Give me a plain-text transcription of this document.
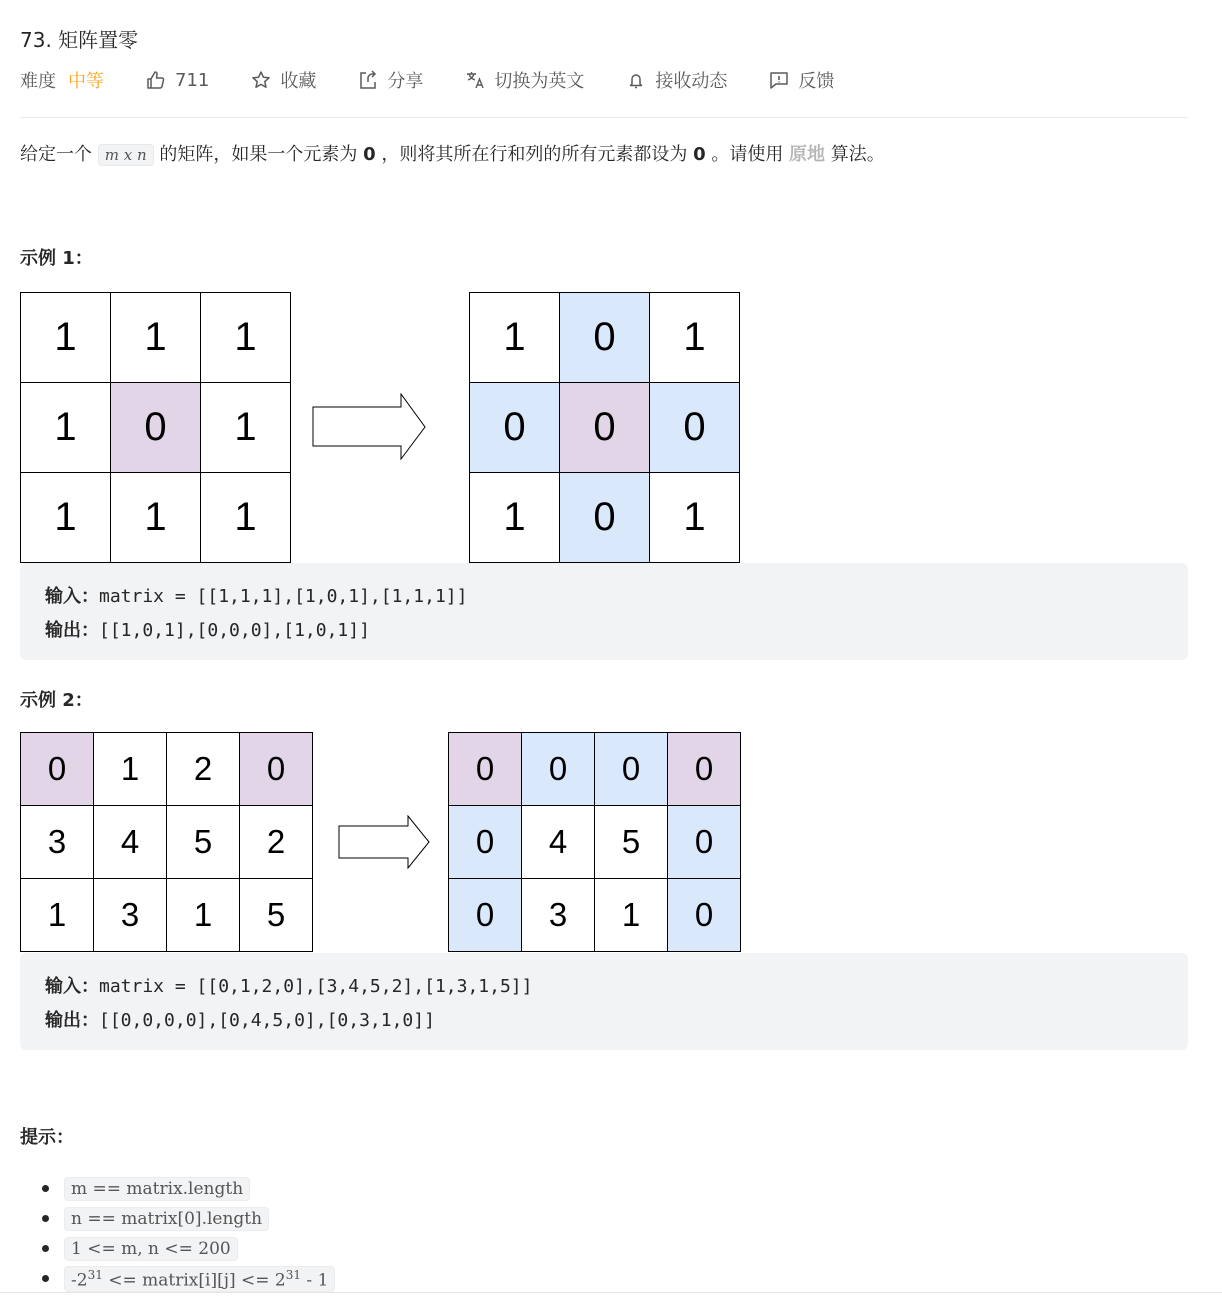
73. 矩阵置零
难度 中等	711	收藏	分享	切换为英文	接收动态	反馈
给定一个 m x n 的矩阵，如果一个元素为 0 ，则将其所在行和列的所有元素都设为 0 。请使用 原地 算法。
示例 1：
1	1	1
1	0	1
1	1	1
1	0	1
0	0	0
1	0	1
输入：matrix = [[1,1,1],[1,0,1],[1,1,1]]
输出：[[1,0,1],[0,0,0],[1,0,1]]
示例 2：
0	1	2	0
3	4	5	2
1	3	1	5
0	0	0	0
0	4	5	0
0	3	1	0
输入：matrix = [[0,1,2,0],[3,4,5,2],[1,3,1,5]]
输出：[[0,0,0,0],[0,4,5,0],[0,3,1,0]]
提示：
m == matrix.length
n == matrix[0].length
1 <= m, n <= 200
$-2^{31}$ <= matrix[i][j] <= $2^{31} - 1$
